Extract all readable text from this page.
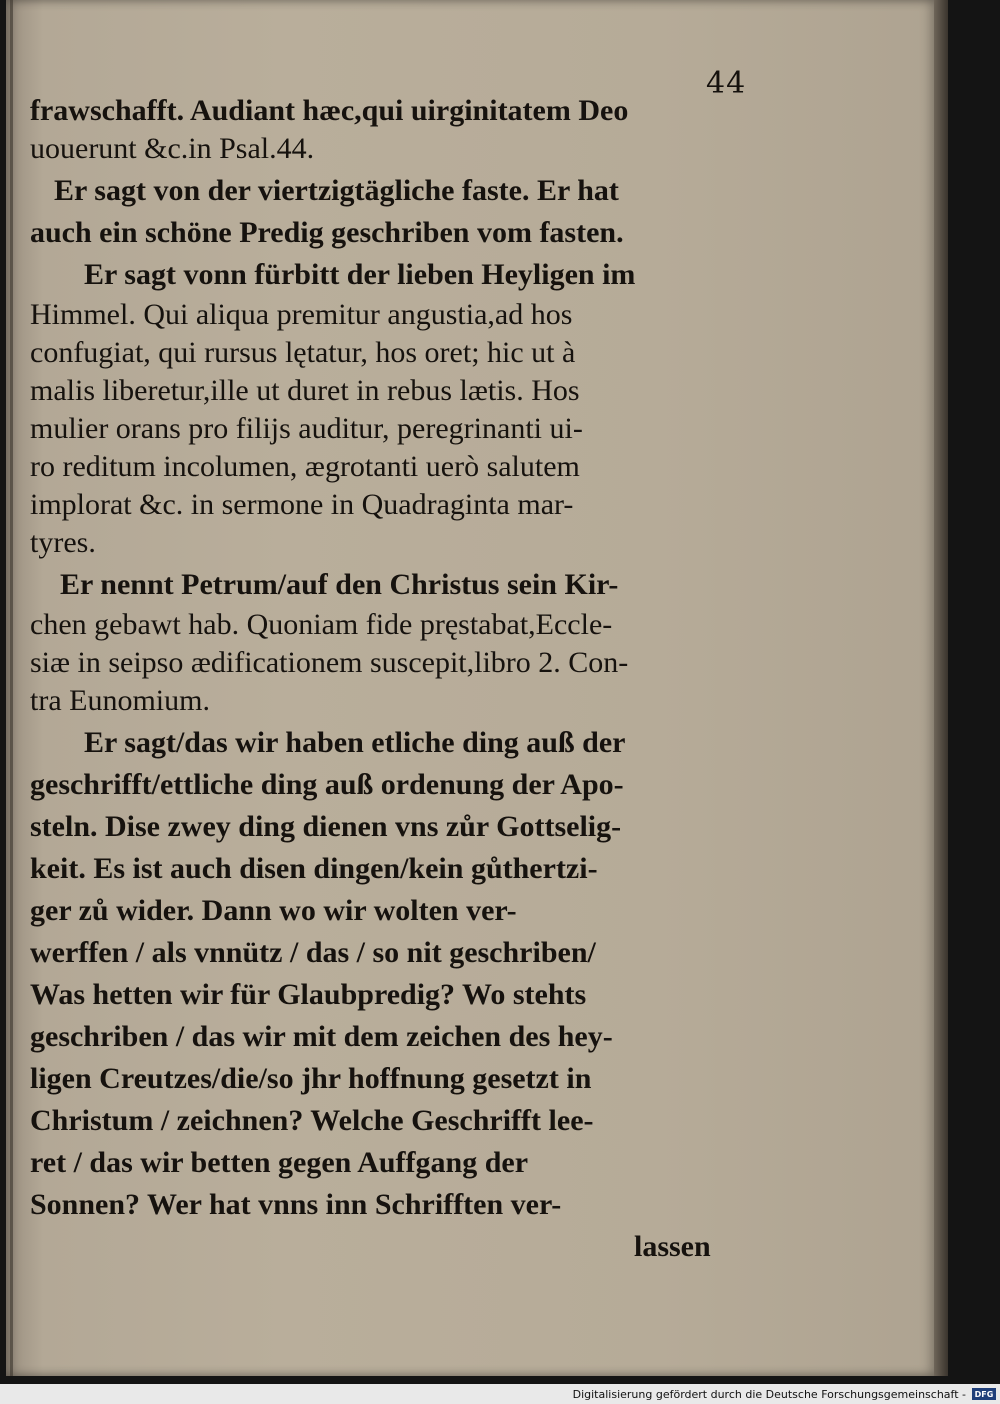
44
frawschafft. Audiant hæc,qui uirginitatem Deo
uouerunt &c.in Psal.44.
Er sagt von der viertzigtägliche faste. Er hat
auch ein schöne Predig geschriben vom fasten.
Er sagt vonn fürbitt der lieben Heyligen im
Himmel. Qui aliqua premitur angustia,ad hos
confugiat, qui rursus lętatur, hos oret; hic ut à
malis liberetur,ille ut duret in rebus lætis. Hos
mulier orans pro filijs auditur, peregrinanti ui-
ro reditum incolumen, ægrotanti uerò salutem
implorat &c. in sermone in Quadraginta mar-
tyres.
Er nennt Petrum/auf den Christus sein Kir-
chen gebawt hab. Quoniam fide pręstabat,Eccle-
siæ in seipso ædificationem suscepit,libro 2. Con-
tra Eunomium.
Er sagt/das wir haben etliche ding auß der
geschrifft/ettliche ding auß ordenung der Apo-
steln. Dise zwey ding dienen vns zůr Gottselig-
keit. Es ist auch disen dingen/kein gůthertzi-
ger zů wider. Dann wo wir wolten ver-
werffen / als vnnütz / das / so nit geschriben/
Was hetten wir für Glaubpredig? Wo stehts
geschriben / das wir mit dem zeichen des hey-
ligen Creutzes/die/so jhr hoffnung gesetzt in
Christum / zeichnen? Welche Geschrifft lee-
ret / das wir betten gegen Auffgang der
Sonnen? Wer hat vnns inn Schrifften ver-
lassen
Digitalisierung gefördert durch die Deutsche Forschungsgemeinschaft -	DFG
